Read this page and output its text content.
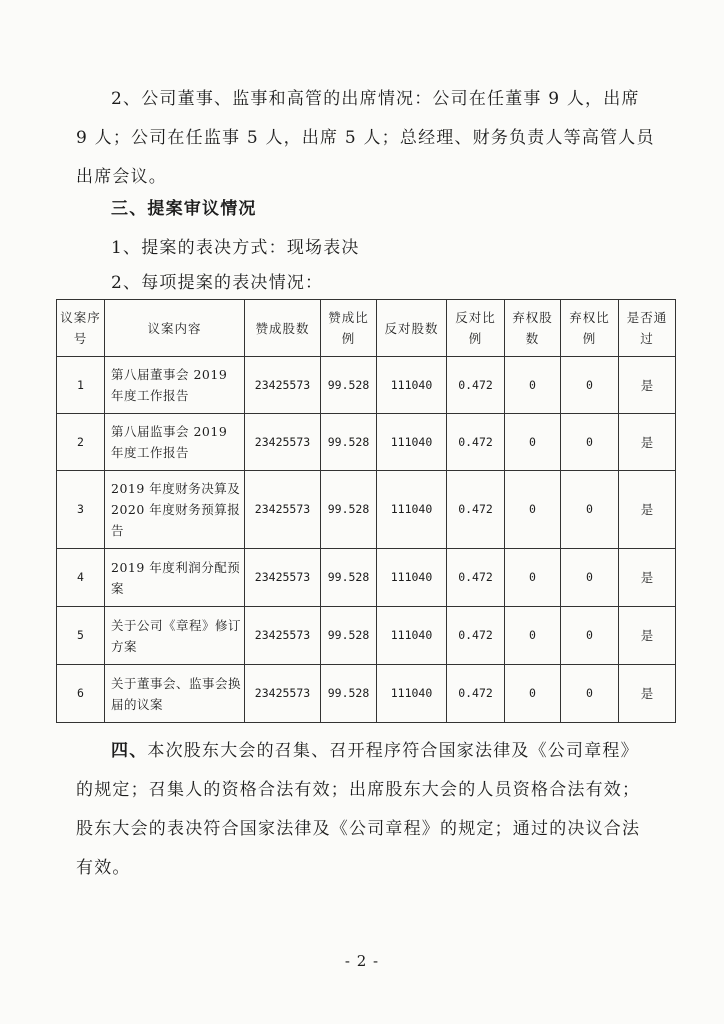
2、公司董事、监事和高管的出席情况：公司在任董事 9 人，出席 9 人；公司在任监事 5 人，出席 5 人；总经理、财务负责人等高管人员出席会议。

三、提案审议情况

1、提案的表决方式：现场表决

2、每项提案的表决情况：

议案序号	议案内容	赞成股数	赞成比例	反对股数	反对比例	弃权股数	弃权比例	是否通过
1	第八届董事会 2019 年度工作报告	23425573	99.528	111040	0.472	0	0	是
2	第八届监事会 2019 年度工作报告	23425573	99.528	111040	0.472	0	0	是
3	2019 年度财务决算及 2020 年度财务预算报告	23425573	99.528	111040	0.472	0	0	是
4	2019 年度利润分配预案	23425573	99.528	111040	0.472	0	0	是
5	关于公司《章程》修订方案	23425573	99.528	111040	0.472	0	0	是
6	关于董事会、监事会换届的议案	23425573	99.528	111040	0.472	0	0	是

四、本次股东大会的召集、召开程序符合国家法律及《公司章程》的规定；召集人的资格合法有效；出席股东大会的人员资格合法有效；股东大会的表决符合国家法律及《公司章程》的规定；通过的决议合法有效。

- 2 -
